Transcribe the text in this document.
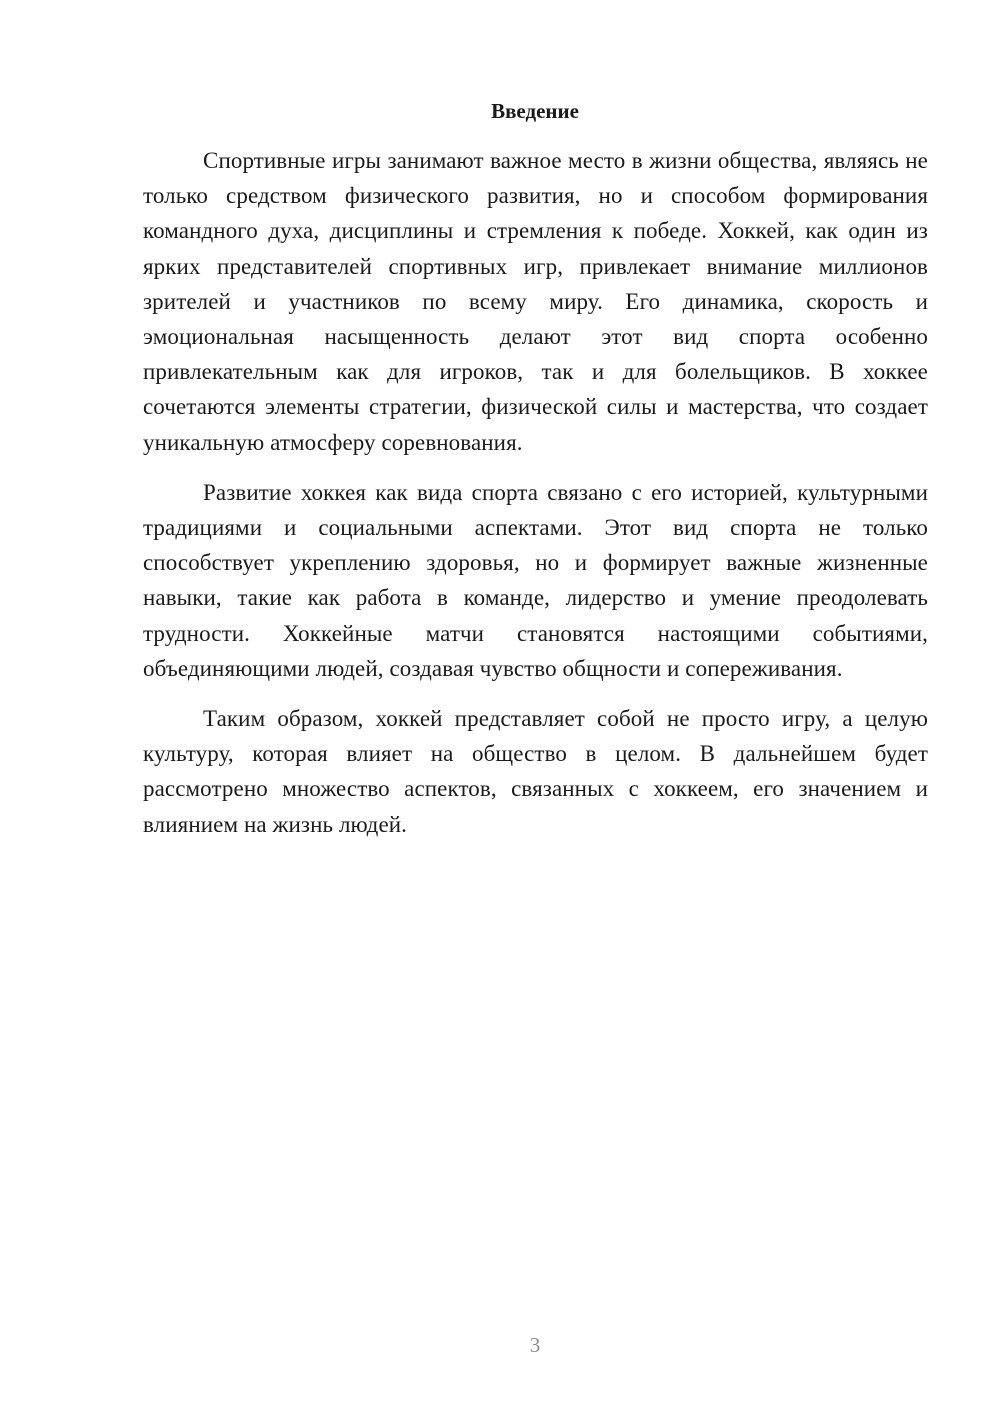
Введение

Спортивные игры занимают важное место в жизни общества, являясь не только средством физического развития, но и способом формирования командного духа, дисциплины и стремления к победе. Хоккей, как один из ярких представителей спортивных игр, привлекает внимание миллионов зрителей и участников по всему миру. Его динамика, скорость и эмоциональная насыщенность делают этот вид спорта особенно привлекательным как для игроков, так и для болельщиков. В хоккее сочетаются элементы стратегии, физической силы и мастерства, что создает уникальную атмосферу соревнования.

Развитие хоккея как вида спорта связано с его историей, культурными традициями и социальными аспектами. Этот вид спорта не только способствует укреплению здоровья, но и формирует важные жизненные навыки, такие как работа в команде, лидерство и умение преодолевать трудности. Хоккейные матчи становятся настоящими событиями, объединяющими людей, создавая чувство общности и сопереживания.

Таким образом, хоккей представляет собой не просто игру, а целую культуру, которая влияет на общество в целом. В дальнейшем будет рассмотрено множество аспектов, связанных с хоккеем, его значением и влиянием на жизнь людей.

3
